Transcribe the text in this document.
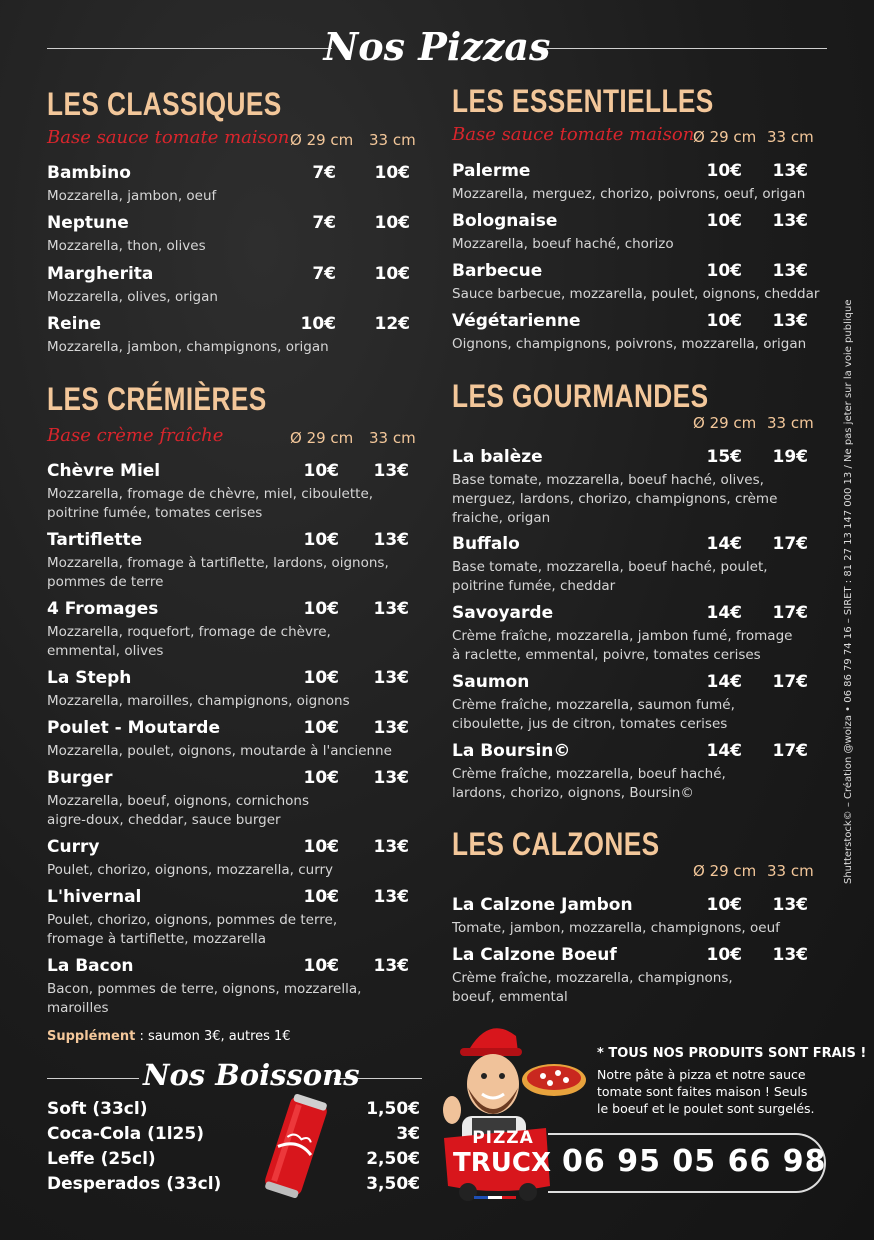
Nos Pizzas
LES CLASSIQUES
Base sauce tomate maison Ø 29 cm 33 cm
Bambino	7€ 10€
Mozzarella, jambon, oeuf
Neptune	7€ 10€
Mozzarella, thon, olives
Margherita	7€ 10€
Mozzarella, olives, origan
Reine	10€ 12€
Mozzarella, jambon, champignons, origan
LES CRÉMIÈRES
Base crème fraîche	Ø 29 cm 33 cm
Chèvre Miel	10€ 13€
Mozzarella, fromage de chèvre, miel, ciboulette,
poitrine fumée, tomates cerises
Tartiflette	10€ 13€
Mozzarella, fromage à tartiflette, lardons, oignons,
pommes de terre
4 Fromages	10€ 13€
Mozzarella, roquefort, fromage de chèvre,
emmental, olives
La Steph	10€ 13€
Mozzarella, maroilles, champignons, oignons
Poulet - Moutarde	10€ 13€
Mozzarella, poulet, oignons, moutarde à l'ancienne
Burger	10€ 13€
Mozzarella, boeuf, oignons, cornichons
aigre-doux, cheddar, sauce burger
Curry	10€ 13€
Poulet, chorizo, oignons, mozzarella, curry
L'hivernal	10€ 13€
Poulet, chorizo, oignons, pommes de terre,
fromage à tartiflette, mozzarella
La Bacon	10€ 13€
Bacon, pommes de terre, oignons, mozzarella,
maroilles
Supplément : saumon 3€, autres 1€
Nos Boissons
Soft (33cl)	1,50€
Coca-Cola (1l25)	3€
Leffe (25cl)	2,50€
Desperados (33cl)	3,50€
LES ESSENTIELLES
Base sauce tomate maison
Ø 29 cm 33 cm
Palerme	10€ 13€
Mozzarella, merguez, chorizo, poivrons, oeuf, origan
Bolognaise	10€ 13€
Mozzarella, boeuf haché, chorizo
Barbecue	10€ 13€
Sauce barbecue, mozzarella, poulet, oignons, cheddar
Végétarienne	10€ 13€
Oignons, champignons, poivrons, mozzarella, origan
LES GOURMANDES
Ø 29 cm 33 cm
La balèze	15€ 19€
Base tomate, mozzarella, boeuf haché, olives,
merguez, lardons, chorizo, champignons, crème
fraiche, origan
Buffalo	14€ 17€
Base tomate, mozzarella, boeuf haché, poulet,
poitrine fumée, cheddar
Savoyarde	14€ 17€
Crème fraîche, mozzarella, jambon fumé, fromage
à raclette, emmental, poivre, tomates cerises
Saumon	14€ 17€
Crème fraîche, mozzarella, saumon fumé,
ciboulette, jus de citron, tomates cerises
La Boursin©	14€ 17€
Crème fraîche, mozzarella, boeuf haché,
lardons, chorizo, oignons, Boursin©
LES CALZONES
Ø 29 cm 33 cm
La Calzone Jambon	10€ 13€
Tomate, jambon, mozzarella, champignons, oeuf
La Calzone Boeuf	10€ 13€
Crème fraîche, mozzarella, champignons,
boeuf, emmental
PIZZA
TRUCX
* TOUS NOS PRODUITS SONT FRAIS !
Notre pâte à pizza et notre sauce
tomate sont faites maison ! Seuls
le boeuf et le poulet sont surgelés.
06 95 05 66 98
Shutterstock© – Création @woiza • 06 86 79 74 16 – SIRET : 81 27 13 147 000 13 / Ne pas jeter sur la voie publique
